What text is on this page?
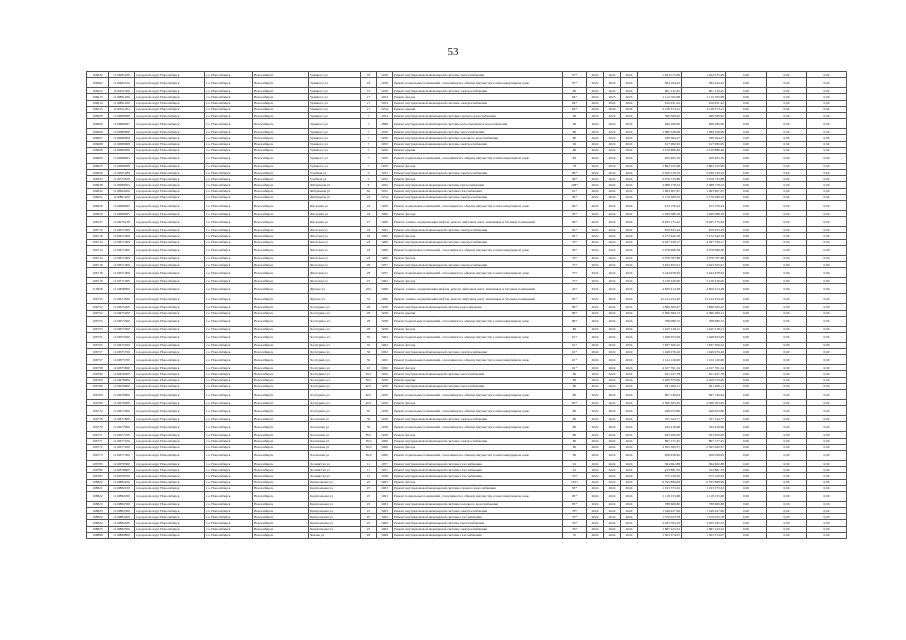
53
106632	1110981200	городской округ Новосибирск	г.о. Новосибирск	Новосибирск	Урицкого ул	18	1958	Ремонт внутридомовой инженерной системы теплоснабжения	97*	2024	2024	2024	1 924 575,09	1 924 575,09	0,00	0,00	0,00
106662	1110482310	городской округ Новосибирск	г.о. Новосибирск	Новосибирск	Урицкого ул	18	1958	Ремонт подвальных помещений, относящихся к общему имуществу в многоквартирном доме	97*	2024	2024	2024	384 164,45	384 164,45	0,00	0,00	0,00
106612	1110911200	городской округ Новосибирск	г.о. Новосибирск	Новосибирск	Урицкого ул	15	1958	Ремонт внутридомовой инженерной системы электроснабжения	80	2024	2024	2024	601 132,45	601 132,45	0,00	0,00	0,00
106613	1110861200	городской округ Новосибирск	г.о. Новосибирск	Новосибирск	Урицкого ул	17	1954	Ремонт фасада	84*	2024	2025	2025	1 112 763,98	1 112 763,98	0,00	0,00	0,00
106614	1110861200	городской округ Новосибирск	г.о. Новосибирск	Новосибирск	Урицкого ул	17	1954	Ремонт внутридомовой инженерной системы электроснабжения	84*	2024	2024	2024	610 931,42	610 931,42	0,00	0,00	0,00
106615	1110911202	городской округ Новосибирск	г.о. Новосибирск	Новосибирск	Урицкого ул	17	1954	Ремонт крыши	84*	2026	2026	2026	3 128 573,21	3 128 573,21	0,00	0,00	0,00
106608	1110980900	городской округ Новосибирск	г.о. Новосибирск	Новосибирск	Урицкого ул	7	1954	Ремонт внутридомовой инженерной системы горячего водоснабжения	90	2024	2024	2024	369 569,92	369 569,92	0,00	0,00	0,00
106609	1110689907	городской округ Новосибирск	г.о. Новосибирск	Новосибирск	Урицкого ул	7	1888	Ремонт внутридомовой инженерной системы водоотведения и водоснабжения	60	2024	2024	2024	469 286,60	469 286,60	0,00	0,00	0,00
106609	1110689906	городской округ Новосибирск	г.о. Новосибирск	Новосибирск	Урицкого ул	7	1950	Ремонт внутридомовой инженерной системы теплоснабжения	80	2024	2024	2024	1 080 528,08	1 080 528,08	0,00	0,00	0,00
106607	1110689906	городской округ Новосибирск	г.о. Новосибирск	Новосибирск	Урицкого ул	7	1950	Ремонт внутридомовой инженерной системы холодного водоснабжения	80	2024	2024	2024	188 564,27	188 564,27	0,00	0,00	0,00
106608	1110689908	городской округ Новосибирск	г.о. Новосибирск	Новосибирск	Урицкого ул	7	1950	Ремонт внутридомовой инженерной системы электроснабжения	90	2024	2024	2024	617 082,95	617 082,95	0,00	0,00	0,00
106608	1110689900	городской округ Новосибирск	г.о. Новосибирск	Новосибирск	Урицкого ул	7	1950	Ремонт крыши	80	2024	2024	2024	3 159 886,46	3 159 886,46	0,00	0,00	0,00
106609	1110689903	городской округ Новосибирск	г.о. Новосибирск	Новосибирск	Урицкого ул	7	1950	Ремонт подвальных помещений, относящихся к общему имуществу в многоквартирном доме	82	2024	2024	2024	450 483,76	450 483,76	0,00	0,00	0,00
106625	1110689908	городской округ Новосибирск	г.о. Новосибирск	Новосибирск	Урицкого ул	7	1959	Ремонт фасада	78	2024	2024	2024	1 862 555,98	1 862 555,98	0,00	0,00	0,00
106626	1110621489	городской округ Новосибирск	г.о. Новосибирск	Новосибирск	Учебная ул	5	1953	Ремонт внутридомовой инженерной системы электроснабжения	86*	2024	2024	2024	2 939 139,19	2 939 139,19	0,00	0,00	0,00
106633	1110575619	городской округ Новосибирск	г.о. Новосибирск	Новосибирск	Учебная ул	5	1953	Ремонт фасада	96*	2024	2024	2024	3 079 733,88	3 079 733,88	0,00	0,00	0,00
106638	1110988303	городской округ Новосибирск	г.о. Новосибирск	Новосибирск	Фабричная ул	6	1950	Ремонт внутридомовой инженерной системы теплоснабжения	108*	2024	2024	2024	2 088 178,53	2 088 178,53	0,00	0,00	0,00
106652	1110984200	городской округ Новосибирск	г.о. Новосибирск	Новосибирск	Фабричная ул	6а	1952	Ремонт внутридомовой инженерной системы газоснабжения	61*	2024	2024	2024	1 093 907,67	1 093 907,67	0,00	0,00	0,00
106651	1110861100	городской округ Новосибирск	г.о. Новосибирск	Новосибирск	Фабричная ул	18	1954	Ремонт внутридомовой инженерной системы электроснабжения	99*	2024	2024	2024	5 176 286,33	5 176 286,33	0,00	0,00	0,00
106656	1110689005	городской округ Новосибирск	г.о. Новосибирск	Новосибирск	Фасадная ул	18	1950	Ремонт подвальных помещений, относящихся к общему имуществу в многоквартирном доме	84*	2024	2024	2024	913 750,24	913 750,24	0,00	0,00	0,00
106656	1110689005	городской округ Новосибирск	г.о. Новосибирск	Новосибирск	Фасадная ул	18	1960	Ремонт фасада	83*	2024	2024	2024	1 049 588,18	1 049 588,18	0,00	0,00	0,00
108257	1110976218	городской округ Новосибирск	г.о. Новосибирск	Новосибирск	Фасадная ул	27	1996	Ремонт, замена, модернизация лифтов, ремонт лифтовых шахт, машинных и блочных помещений	96*	2024	2024	2024	8 295 175,42	8 295 175,42	0,00	0,00	0,00
106710	1110671009	городской округ Новосибирск	г.о. Новосибирск	Новосибирск	Флотская ул	18	1962	Ремонт внутридомовой инженерной системы электроснабжения	81*	2024	2024	2024	810 633,24	810 633,24	0,00	0,00	0,00
106710	1110671009	городской округ Новосибирск	г.о. Новосибирск	Новосибирск	Флотская ул	18	1962	Ремонт фасада	81*	2024	2024	2024	3 272 440,18	3 272 440,18	0,00	0,00	0,00
106714	1110671009	городской округ Новосибирск	г.о. Новосибирск	Новосибирск	Флотская ул	18	1966	Ремонт внутридомовой инженерной системы электроснабжения	76*	2024	2024	2024	4 047 336,17	4 047 336,17	0,00	0,00	0,00
106714	1110671009	городской округ Новосибирск	г.о. Новосибирск	Новосибирск	Флотская ул	18	1966	Ремонт подвальных помещений, относящихся к общему имуществу в многоквартирном доме	90*	2024	2024	2024	2 078 968,38	2 078 968,38	0,00	0,00	0,00
106714	1110671009	городской округ Новосибирск	г.о. Новосибирск	Новосибирск	Флотская ул	18	1966	Ремонт фасада	76*	2024	2024	2024	3 078 787,88	3 078 787,88	0,00	0,00	0,00
106716	1110671009	городской округ Новосибирск	г.о. Новосибирск	Новосибирск	Флотская ул	28	1957	Ремонт внутридомовой инженерной системы электроснабжения	75*	2024	2024	2024	3 923 655,01	3 923 655,01	0,00	0,00	0,00
106718	1110671009	городской округ Новосибирск	г.о. Новосибирск	Новосибирск	Флотская ул	28	1957	Ремонт подвальных помещений, относящихся к общему имуществу в многоквартирном доме	75*	2024	2024	2024	2 444 678,63	2 444 678,63	0,00	0,00	0,00
106719	1110571900	городской округ Новосибирск	г.о. Новосибирск	Новосибирск	Флотская ул	23	1962	Ремонт фасада	75*	2024	2024	2024	3 129 529,00	3 129 529,00	0,00	0,00	0,00
112828	1112828000	городской округ Новосибирск	г.о. Новосибирск	Новосибирск	Фрунзе ул	19/1	1969	Ремонт, замена, модернизация лифтов, ремонт лифтовых шахт, машинных и блочных помещений	22*	2024	2024	2024	4 829 414,28	4 829 414,28	0,00	0,00	0,00
106735	1110673500	городской округ Новосибирск	г.о. Новосибирск	Новосибирск	Фрунзе ул	53	1996	Ремонт, замена, модернизация лифтов, ремонт лифтовых шахт, машинных и блочных помещений	83*	2024	2024	2024	15 414 254,20	15 414 254,20	0,00	0,00	0,00
106752	1110675200	городской округ Новосибирск	г.о. Новосибирск	Новосибирск	Халтурина ул	28	1958	Ремонт внутридомовой инженерной системы водоотведения	80*	2024	2024	2024	1 869 300,47	1 869 300,47	0,00	0,00	0,00
106752	1110675200	городской округ Новосибирск	г.о. Новосибирск	Новосибирск	Халтурина ул	28	1958	Ремонт крыши	80*	2024	2024	2024	2 090 369,13	2 090 369,13	0,00	0,00	0,00
106753	1110675300	городской округ Новосибирск	г.о. Новосибирск	Новосибирск	Халтурина ул	28	1958	Ремонт подвальных помещений, относящихся к общему имуществу в многоквартирном доме	80*	2024	2024	2024	798 080,72	798 080,72	0,00	0,00	0,00
106753	1110675300	городской округ Новосибирск	г.о. Новосибирск	Новосибирск	Халтурина ул	28	1958	Ремонт фасада	80	2024	2024	2024	1 425 518,21	1 425 518,21	0,00	0,00	0,00
106755	1110675500	городской округ Новосибирск	г.о. Новосибирск	Новосибирск	Халтурина ул	35	1962	Ремонт подвальных помещений, относящихся к общему имуществу в многоквартирном доме	61*	2024	2024	2024	1 048 953,09	1 048 953,09	0,00	0,00	0,00
106755	1110675500	городской округ Новосибирск	г.о. Новосибирск	Новосибирск	Халтурина ул	35	1962	Ремонт фасада	61*	2024	2024	2024	1 837 306,22	1 837 306,22	0,00	0,00	0,00
106757	1110675700	городской округ Новосибирск	г.о. Новосибирск	Новосибирск	Халтурина ул	36	1962	Ремонт внутридомовой инженерной системы электроснабжения	61*	2024	2024	2024	1 049 076,26	1 049 076,26	0,00	0,00	0,00
106757	1110675700	городской округ Новосибирск	г.о. Новосибирск	Новосибирск	Халтурина ул	36	1962	Ремонт подвальных помещений, относящихся к общему имуществу в многоквартирном доме	61*	2024	2024	2024	1 122 126,00	1 122 126,00	0,00	0,00	0,00
106758	1110675800	городской округ Новосибирск	г.о. Новосибирск	Новосибирск	Халтурина ул	43	1962	Ремонт фасада	61*	2024	2024	2024	4 107 791,34	4 107 791,34	0,00	0,00	0,00
106760	1110676000	городской округ Новосибирск	г.о. Новосибирск	Новосибирск	Халтурина ул	39/1	1959	Ремонт внутридомовой инженерной системы теплоснабжения	80	2024	2024	2024	951 027,78	951 027,78	0,00	0,00	0,00
106760	1110676000	городской округ Новосибирск	г.о. Новосибирск	Новосибирск	Халтурина ул	39/1	1959	Ремонт крыши	80	2024	2024	2024	2 209 379,06	2 209 379,06	0,00	0,00	0,00
106769	1110676900	городской округ Новосибирск	г.о. Новосибирск	Новосибирск	Халтурина ул	40/1	1959	Ремонт внутридомовой инженерной системы теплоснабжения	80	2024	2024	2024	941 206,11	941 206,11	0,00	0,00	0,00
106769	1110676900	городской округ Новосибирск	г.о. Новосибирск	Новосибирск	Халтурина ул	40/1	1959	Ремонт подвальных помещений, относящихся к общему имуществу в многоквартирном доме	80	2024	2024	2024	697 146,94	697 146,94	0,00	0,00	0,00
106769	1110676900	городской округ Новосибирск	г.о. Новосибирск	Новосибирск	Халтурина ул	40/1	1959	Ремонт фасада	85*	2024	2024	2024	2 566 303,65	2 566 303,65	0,00	0,00	0,00
106774	1110677400	городской округ Новосибирск	г.о. Новосибирск	Новосибирск	Халтурина ул	45	1958	Ремонт подвальных помещений, относящихся к общему имуществу в многоквартирном доме	80	2024	2024	2024	448 053,86	448 053,86	0,00	0,00	0,00
106778	1110677800	городской округ Новосибирск	г.о. Новосибирск	Новосибирск	Хасанская ул	36	1958	Ремонт внутридомовой инженерной системы электроснабжения	80	2024	2024	2024	701 544,77	701 544,77	0,00	0,00	0,00
106779	1110677900	городской округ Новосибирск	г.о. Новосибирск	Новосибирск	Хасанская ул	36	1958	Ремонт подвальных помещений, относящихся к общему имуществу в многоквартирном доме	80	2024	2024	2024	184 418,98	184 418,98	0,00	0,00	0,00
106771	1110677100	городской округ Новосибирск	г.о. Новосибирск	Новосибирск	Хасанская ул	36/1	1958	Ремонт фасада	80	2024	2024	2024	933 200,00	933 200,00	0,00	0,00	0,00
106771	1110677100	городской округ Новосибирск	г.о. Новосибирск	Новосибирск	Хасанская ул	36/2	1960	Ремонт внутридомовой инженерной системы электроснабжения	80	2024	2024	2024	897 177,45	897 177,45	0,00	0,00	0,00
106772	1110677200	городской округ Новосибирск	г.о. Новосибирск	Новосибирск	Хасанская ул	36/2	1960	Ремонт фасада	80	2024	2024	2024	2 593 500,57	2 593 500,57	0,00	0,00	0,00
106773	1110677300	городской округ Новосибирск	г.о. Новосибирск	Новосибирск	Хасанская ул	36/2	1960	Ремонт подвальных помещений, относящихся к общему имуществу в многоквартирном доме	80	2024	2024	2024	656 958,65	656 958,65	0,00	0,00	0,00
106785	1110678500	городской округ Новосибирск	г.о. Новосибирск	Новосибирск	Холмистая ул	11	1957	Ремонт внутридомовой инженерной системы газоснабжения	91	2024	2024	2024	364 602,88	364 602,88	0,00	0,00	0,00
106786	1110678600	городской округ Новосибирск	г.о. Новосибирск	Новосибирск	Холмистая ул	11	1957	Ремонт внутридомовой инженерной системы газоснабжения	91	2024	2024	2024	233 881,33	233 881,33	0,00	0,00	0,00
106787	1110678700	городской округ Новосибирск	г.о. Новосибирск	Новосибирск	Холмистая ул	15	1958	Ремонт внутридомовой инженерной системы газоснабжения	76*	2024	2024	2024	375 120,65	375 120,65	0,00	0,00	0,00
108822	1110882200	городской округ Новосибирск	г.о. Новосибирск	Новосибирск	Центральная ул	25	1963	Ремонт фасада	2011	2024	2024	2024	6 795 899,99	6 795 899,99	0,00	0,00	0,00
108821	1110882100	городской округ Новосибирск	г.о. Новосибирск	Новосибирск	Центральная ул	25	1963	Ремонт внутридомовой инженерной системы горячего водоснабжения	83*	2024	2024	2024	1 193 373,52	1 193 373,52	0,00	0,00	0,00
108822	1110882200	городской округ Новосибирск	г.о. Новосибирск	Новосибирск	Центральная ул	25	1963	Ремонт подвальных помещений, относящихся к общему имуществу в многоквартирном доме	83*	2024	2024	2024	1 118 153,68	1 118 153,68	0,00	0,00	0,00
108823	1110882300	городской округ Новосибирск	г.о. Новосибирск	Новосибирск	Центральная ул	25	1963	Ремонт внутридомовой инженерной системы холодного водоснабжения	83*	2024	2024	2024	788 606,80	788 606,80	0,00	0,00	0,00
108823	1110882300	городской округ Новосибирск	г.о. Новосибирск	Новосибирск	Центральная ул	25	1963	Ремонт внутридомовой инженерной системы электроснабжения	78*	2024	2024	2024	1 349 427,99	1 349 427,99	0,00	0,00	0,00
108824	1110882400	городской округ Новосибирск	г.о. Новосибирск	Новосибирск	Центральная ул	25	1964	Ремонт внутридомовой инженерной системы газоснабжения	76*	2024	2024	2024	1 570 023,78	1 570 023,78	0,00	0,00	0,00
108824	1110882400	городской округ Новосибирск	г.о. Новосибирск	Новосибирск	Центральная ул	25	1964	Ремонт внутридомовой инженерной системы теплоснабжения	76*	2024	2024	2024	3 025 595,32	3 025 595,32	0,00	0,00	0,00
108825	1110882500	городской округ Новосибирск	г.о. Новосибирск	Новосибирск	Центральная ул	25	1964	Ремонт внутридомовой инженерной системы электроснабжения	76*	2024	2024	2024	1 687 223,32	1 687 223,32	0,00	0,00	0,00
108898	1110889800	городской округ Новосибирск	г.о. Новосибирск	Новосибирск	Чехова ул	29	1968	Ремонт внутридомовой инженерной системы газоснабжения	35	2024	2024	2024	1 503 374,07	1 503 374,07	0,00	0,00	0,00
